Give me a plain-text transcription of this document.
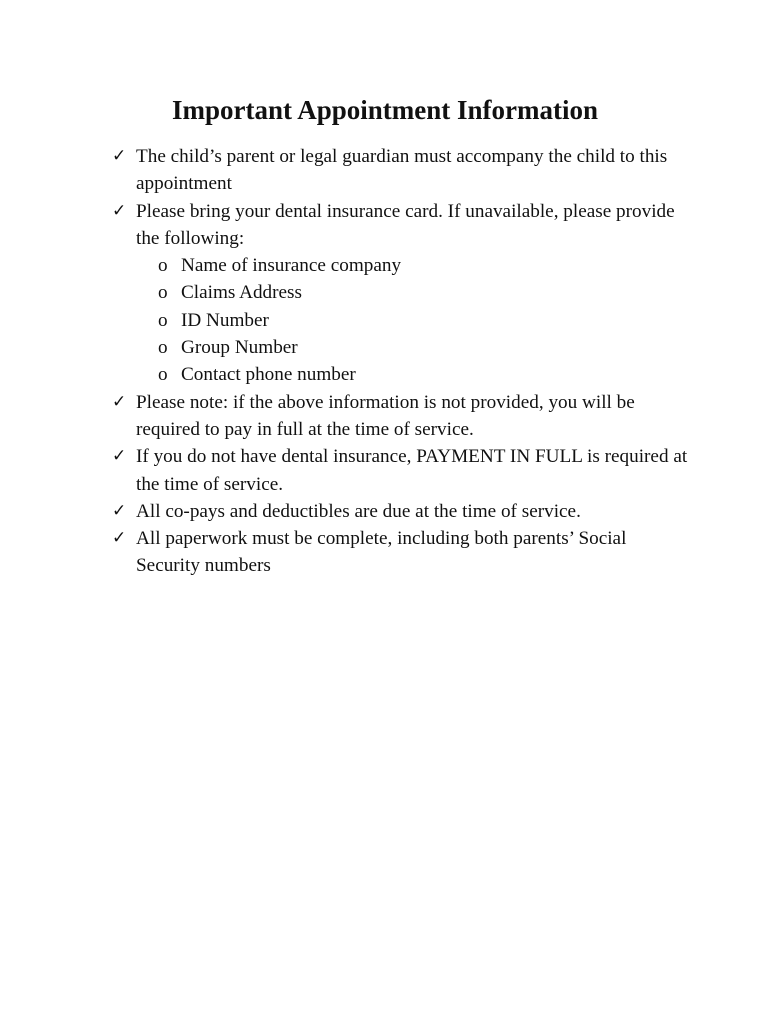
Important Appointment Information
✓ The child’s parent or legal guardian must accompany the child to this appointment
✓ Please bring your dental insurance card. If unavailable, please provide the following:
o Name of insurance company
o Claims Address
o ID Number
o Group Number
o Contact phone number
✓ Please note: if the above information is not provided, you will be required to pay in full at the time of service.
✓ If you do not have dental insurance, PAYMENT IN FULL is required at the time of service.
✓ All co-pays and deductibles are due at the time of service.
✓ All paperwork must be complete, including both parents’ Social Security numbers
